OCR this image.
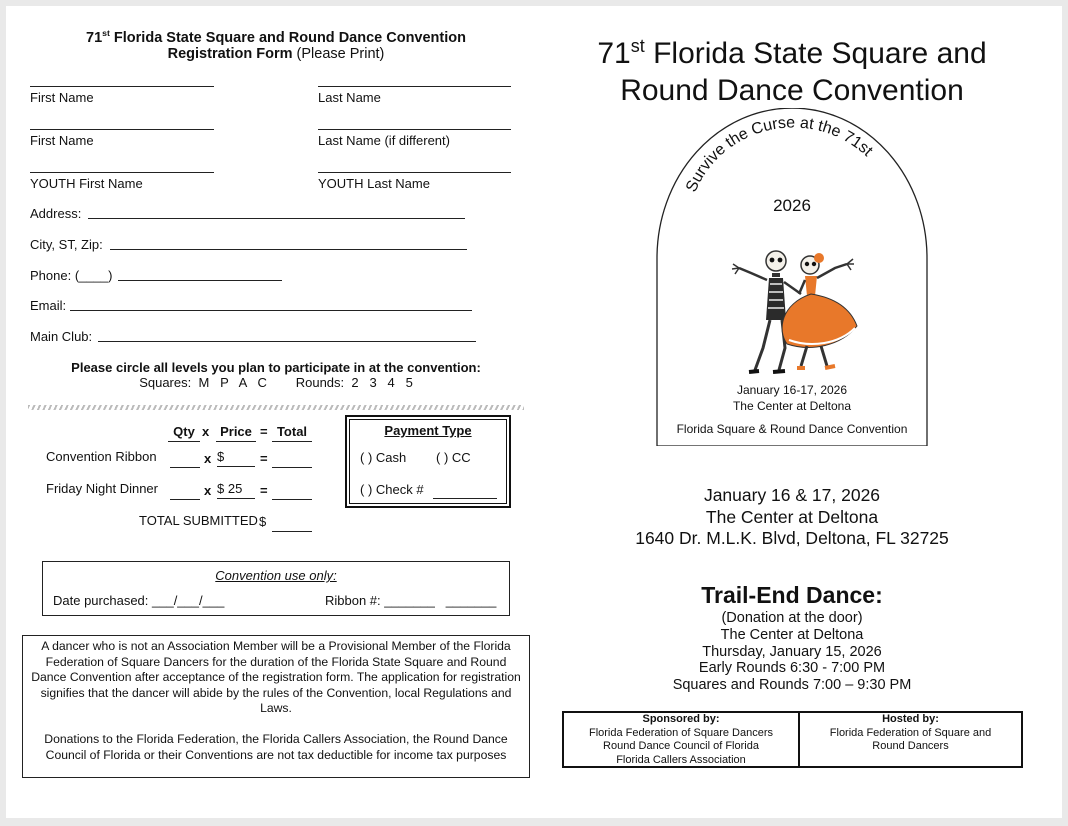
71st Florida State Square and Round Dance Convention
Registration Form (Please Print)
First Name	Last Name
First Name	Last Name (if different)
YOUTH First Name	YOUTH Last Name
Address:
City, ST, Zip:
Phone: (____)
Email:
Main Club:
Please circle all levels you plan to participate in at the convention:
Squares:  M   P   A   C        Rounds:  2   3   4   5
Qty x Price = Total
Convention Ribbon	x $	=
Friday Night Dinner	x $ 25	=
TOTAL SUBMITTED $
Payment Type
( ) Cash ( ) CC
( ) Check #
Convention use only:
Date purchased: ___/___/___	Ribbon #: _______   _______
A dancer who is not an Association Member will be a Provisional Member of the Florida Federation of Square Dancers for the duration of the Florida State Square and Round Dance Convention after acceptance of the registration form. The application for registration signifies that the dancer will abide by the rules of the Convention, local Regulations and Laws.
Donations to the Florida Federation, the Florida Callers Association, the Round Dance Council of Florida or their Conventions are not tax deductible for income tax purposes
71st Florida State Square and
Round Dance Convention
Survive the Curse at the 71st
2026
January 16-17, 2026
The Center at Deltona
Florida Square & Round Dance Convention
January 16 & 17, 2026
The Center at Deltona
1640 Dr. M.L.K. Blvd, Deltona, FL 32725
Trail-End Dance:
(Donation at the door)
The Center at Deltona
Thursday, January 15, 2026
Early Rounds 6:30 - 7:00 PM
Squares and Rounds 7:00 – 9:30 PM
Sponsored by:
Florida Federation of Square Dancers
Round Dance Council of Florida
Florida Callers Association
Hosted by:
Florida Federation of Square and
Round Dancers
